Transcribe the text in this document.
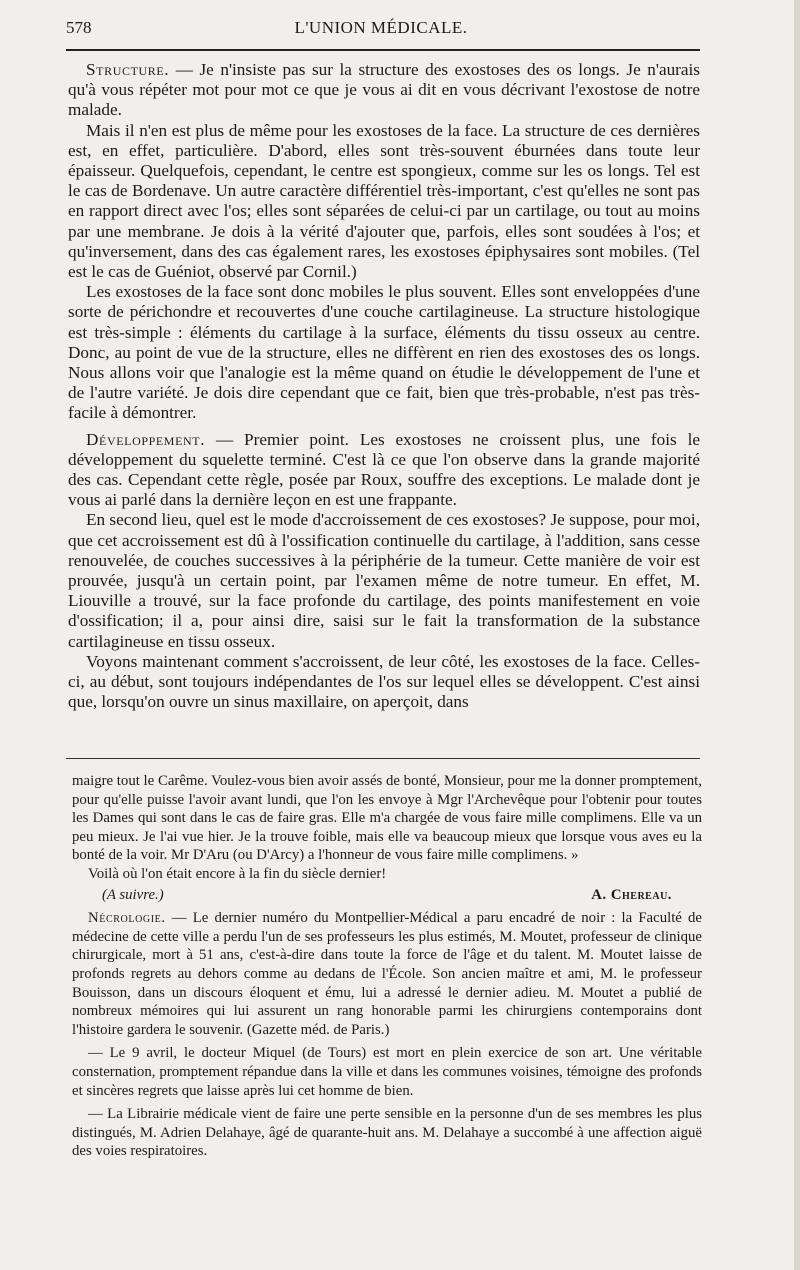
578	L'UNION MÉDICALE.

Structure. — Je n'insiste pas sur la structure des exostoses des os longs. Je n'aurais qu'à vous répéter mot pour mot ce que je vous ai dit en vous décrivant l'exostose de notre malade.

Mais il n'en est plus de même pour les exostoses de la face. La structure de ces dernières est, en effet, particulière. D'abord, elles sont très-souvent éburnées dans toute leur épaisseur. Quelquefois, cependant, le centre est spongieux, comme sur les os longs. Tel est le cas de Bordenave. Un autre caractère différentiel très-important, c'est qu'elles ne sont pas en rapport direct avec l'os; elles sont séparées de celui-ci par un cartilage, ou tout au moins par une membrane. Je dois à la vérité d'ajouter que, parfois, elles sont soudées à l'os; et qu'inversement, dans des cas également rares, les exostoses épiphysaires sont mobiles. (Tel est le cas de Guéniot, observé par Cornil.)

Les exostoses de la face sont donc mobiles le plus souvent. Elles sont enveloppées d'une sorte de périchondre et recouvertes d'une couche cartilagineuse. La structure histologique est très-simple : éléments du cartilage à la surface, éléments du tissu osseux au centre. Donc, au point de vue de la structure, elles ne diffèrent en rien des exostoses des os longs. Nous allons voir que l'analogie est la même quand on étudie le développement de l'une et de l'autre variété. Je dois dire cependant que ce fait, bien que très-probable, n'est pas très-facile à démontrer.

Développement. — Premier point. Les exostoses ne croissent plus, une fois le développement du squelette terminé. C'est là ce que l'on observe dans la grande majorité des cas. Cependant cette règle, posée par Roux, souffre des exceptions. Le malade dont je vous ai parlé dans la dernière leçon en est une frappante.

En second lieu, quel est le mode d'accroissement de ces exostoses? Je suppose, pour moi, que cet accroissement est dû à l'ossification continuelle du cartilage, à l'addition, sans cesse renouvelée, de couches successives à la périphérie de la tumeur. Cette manière de voir est prouvée, jusqu'à un certain point, par l'examen même de notre tumeur. En effet, M. Liouville a trouvé, sur la face profonde du cartilage, des points manifestement en voie d'ossification; il a, pour ainsi dire, saisi sur le fait la transformation de la substance cartilagineuse en tissu osseux.

Voyons maintenant comment s'accroissent, de leur côté, les exostoses de la face. Celles-ci, au début, sont toujours indépendantes de l'os sur lequel elles se développent. C'est ainsi que, lorsqu'on ouvre un sinus maxillaire, on aperçoit, dans

maigre tout le Carême. Voulez-vous bien avoir assés de bonté, Monsieur, pour me la donner promptement, pour qu'elle puisse l'avoir avant lundi, que l'on les envoye à Mgr l'Archevêque pour l'obtenir pour toutes les Dames qui sont dans le cas de faire gras. Elle m'a chargée de vous faire mille complimens. Elle va un peu mieux. Je l'ai vue hier. Je la trouve foible, mais elle va beaucoup mieux que lorsque vous aves eu la bonté de la voir. Mr D'Aru (ou D'Arcy) a l'honneur de vous faire mille complimens. »

Voilà où l'on était encore à la fin du siècle dernier!

(A suivre.)	A. Chereau.

Nécrologie. — Le dernier numéro du Montpellier-Médical a paru encadré de noir : la Faculté de médecine de cette ville a perdu l'un de ses professeurs les plus estimés, M. Moutet, professeur de clinique chirurgicale, mort à 51 ans, c'est-à-dire dans toute la force de l'âge et du talent. M. Moutet laisse de profonds regrets au dehors comme au dedans de l'École. Son ancien maître et ami, M. le professeur Bouisson, dans un discours éloquent et ému, lui a adressé le dernier adieu. M. Moutet a publié de nombreux mémoires qui lui assurent un rang honorable parmi les chirurgiens contemporains dont l'histoire gardera le souvenir. (Gazette méd. de Paris.)

— Le 9 avril, le docteur Miquel (de Tours) est mort en plein exercice de son art. Une véritable consternation, promptement répandue dans la ville et dans les communes voisines, témoigne des profonds et sincères regrets que laisse après lui cet homme de bien.

— La Librairie médicale vient de faire une perte sensible en la personne d'un de ses membres les plus distingués, M. Adrien Delahaye, âgé de quarante-huit ans. M. Delahaye a succombé à une affection aiguë des voies respiratoires.
